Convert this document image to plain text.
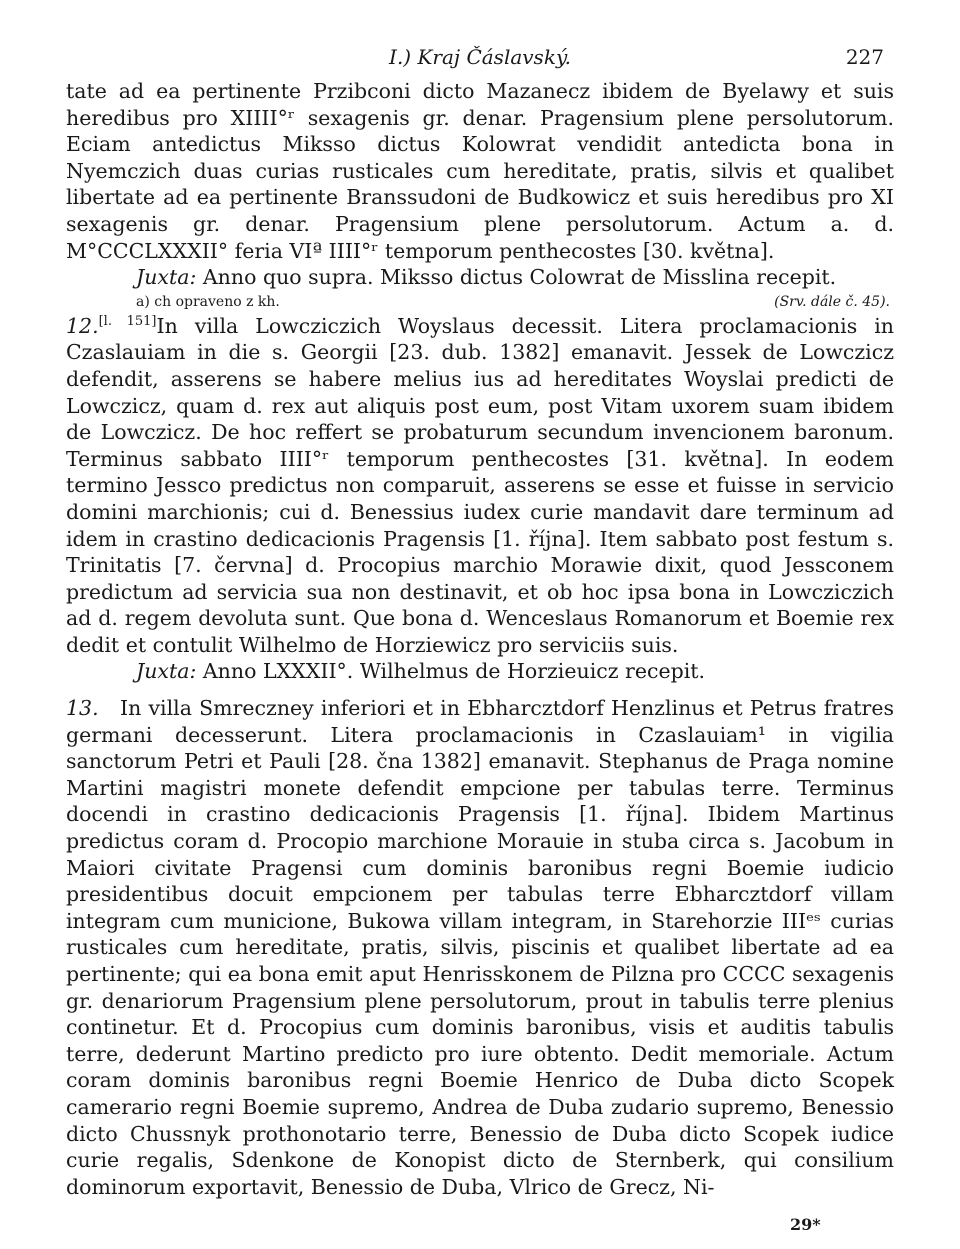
I.) Kraj Čáslavský.	227

tate ad ea pertinente Przibconi dicto Mazanecz ibidem de Byelawy et suis heredibus pro XIIII°ʳ sexagenis gr. denar. Pragensium plene persolutorum. Eciam antedictus Miksso dictus Kolowrat vendidit antedicta bona in Nyemczich duas curias rusticales cum hereditate, pratis, silvis et qualibet libertate ad ea pertinente Branssudoni de Budkowicz et suis heredibus pro XI sexagenis gr. denar. Pragensium plene persolutorum. Actum a. d. M°CCCLXXXII° feria VIª IIII°ʳ temporum penthecostes [30. května].

Juxta: Anno quo supra. Miksso dictus Colowrat de Misslina recepit.

a) ch opraveno z kh.	(Srv. dále č. 45).

12.[l. 151]In villa Lowcziczich Woyslaus decessit. Litera proclamacionis in Czaslauiam in die s. Georgii [23. dub. 1382] emanavit. Jessek de Lowczicz defendit, asserens se habere melius ius ad hereditates Woyslai predicti de Lowczicz, quam d. rex aut aliquis post eum, post Vitam uxorem suam ibidem de Lowczicz. De hoc reffert se probaturum secundum invencionem baronum. Terminus sabbato IIII°ʳ temporum penthecostes [31. května]. In eodem termino Jessco predictus non comparuit, asserens se esse et fuisse in servicio domini marchionis; cui d. Benessius iudex curie mandavit dare terminum ad idem in crastino dedicacionis Pragensis [1. října]. Item sabbato post festum s. Trinitatis [7. června] d. Procopius marchio Morawie dixit, quod Jessconem predictum ad servicia sua non destinavit, et ob hoc ipsa bona in Lowcziczich ad d. regem devoluta sunt. Que bona d. Wenceslaus Romanorum et Boemie rex dedit et contulit Wilhelmo de Horziewicz pro serviciis suis.

Juxta: Anno LXXXII°. Wilhelmus de Horzieuicz recepit.

13. In villa Smreczney inferiori et in Ebharcztdorf Henzlinus et Petrus fratres germani decesserunt. Litera proclamacionis in Czaslauiam¹ in vigilia sanctorum Petri et Pauli [28. čna 1382] emanavit. Stephanus de Praga nomine Martini magistri monete defendit empcione per tabulas terre. Terminus docendi in crastino dedicacionis Pragensis [1. října]. Ibidem Martinus predictus coram d. Procopio marchione Morauie in stuba circa s. Jacobum in Maiori civitate Pragensi cum dominis baronibus regni Boemie iudicio presidentibus docuit empcionem per tabulas terre Ebharcztdorf villam integram cum municione, Bukowa villam integram, in Starehorzie IIIᵉˢ curias rusticales cum hereditate, pratis, silvis, piscinis et qualibet libertate ad ea pertinente; qui ea bona emit aput Henrisskonem de Pilzna pro CCCC sexagenis gr. denariorum Pragensium plene persolutorum, prout in tabulis terre plenius continetur. Et d. Procopius cum dominis baronibus, visis et auditis tabulis terre, dederunt Martino predicto pro iure obtento. Dedit memoriale. Actum coram dominis baronibus regni Boemie Henrico de Duba dicto Scopek camerario regni Boemie supremo, Andrea de Duba zudario supremo, Benessio dicto Chussnyk prothonotario terre, Benessio de Duba dicto Scopek iudice curie regalis, Sdenkone de Konopist dicto de Sternberk, qui consilium dominorum exportavit, Benessio de Duba, Vlrico de Grecz, Ni-

29*
